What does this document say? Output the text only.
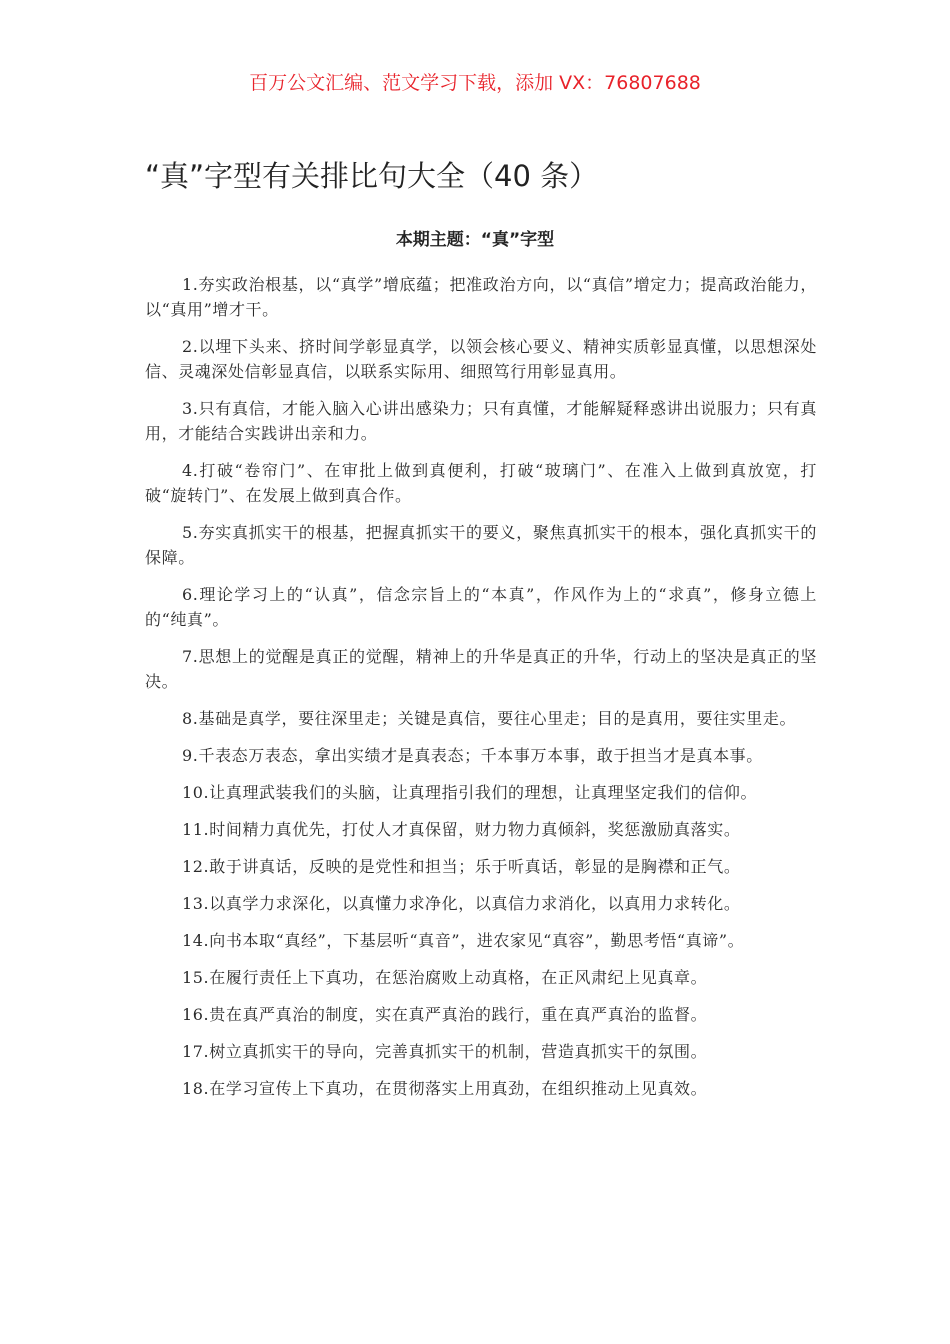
百万公文汇编、范文学习下载，添加 VX：76807688
“真”字型有关排比句大全（40 条）
本期主题：“真”字型

1.夯实政治根基，以“真学”增底蕴；把准政治方向，以“真信”增定力；提高政治能力，以“真用”增才干。

2.以埋下头来、挤时间学彰显真学，以领会核心要义、精神实质彰显真懂，以思想深处信、灵魂深处信彰显真信，以联系实际用、细照笃行用彰显真用。

3.只有真信，才能入脑入心讲出感染力；只有真懂，才能解疑释惑讲出说服力；只有真用，才能结合实践讲出亲和力。

4.打破“卷帘门”、在审批上做到真便利，打破“玻璃门”、在准入上做到真放宽，打破“旋转门”、在发展上做到真合作。

5.夯实真抓实干的根基，把握真抓实干的要义，聚焦真抓实干的根本，强化真抓实干的保障。

6.理论学习上的“认真”，信念宗旨上的“本真”，作风作为上的“求真”，修身立德上的“纯真”。

7.思想上的觉醒是真正的觉醒，精神上的升华是真正的升华，行动上的坚决是真正的坚决。

8.基础是真学，要往深里走；关键是真信，要往心里走；目的是真用，要往实里走。

9.千表态万表态，拿出实绩才是真表态；千本事万本事，敢于担当才是真本事。

10.让真理武装我们的头脑，让真理指引我们的理想，让真理坚定我们的信仰。

11.时间精力真优先，打仗人才真保留，财力物力真倾斜，奖惩激励真落实。

12.敢于讲真话，反映的是党性和担当；乐于听真话，彰显的是胸襟和正气。

13.以真学力求深化，以真懂力求净化，以真信力求消化，以真用力求转化。

14.向书本取“真经”，下基层听“真音”，进农家见“真容”，勤思考悟“真谛”。

15.在履行责任上下真功，在惩治腐败上动真格，在正风肃纪上见真章。

16.贵在真严真治的制度，实在真严真治的践行，重在真严真治的监督。

17.树立真抓实干的导向，完善真抓实干的机制，营造真抓实干的氛围。

18.在学习宣传上下真功，在贯彻落实上用真劲，在组织推动上见真效。
